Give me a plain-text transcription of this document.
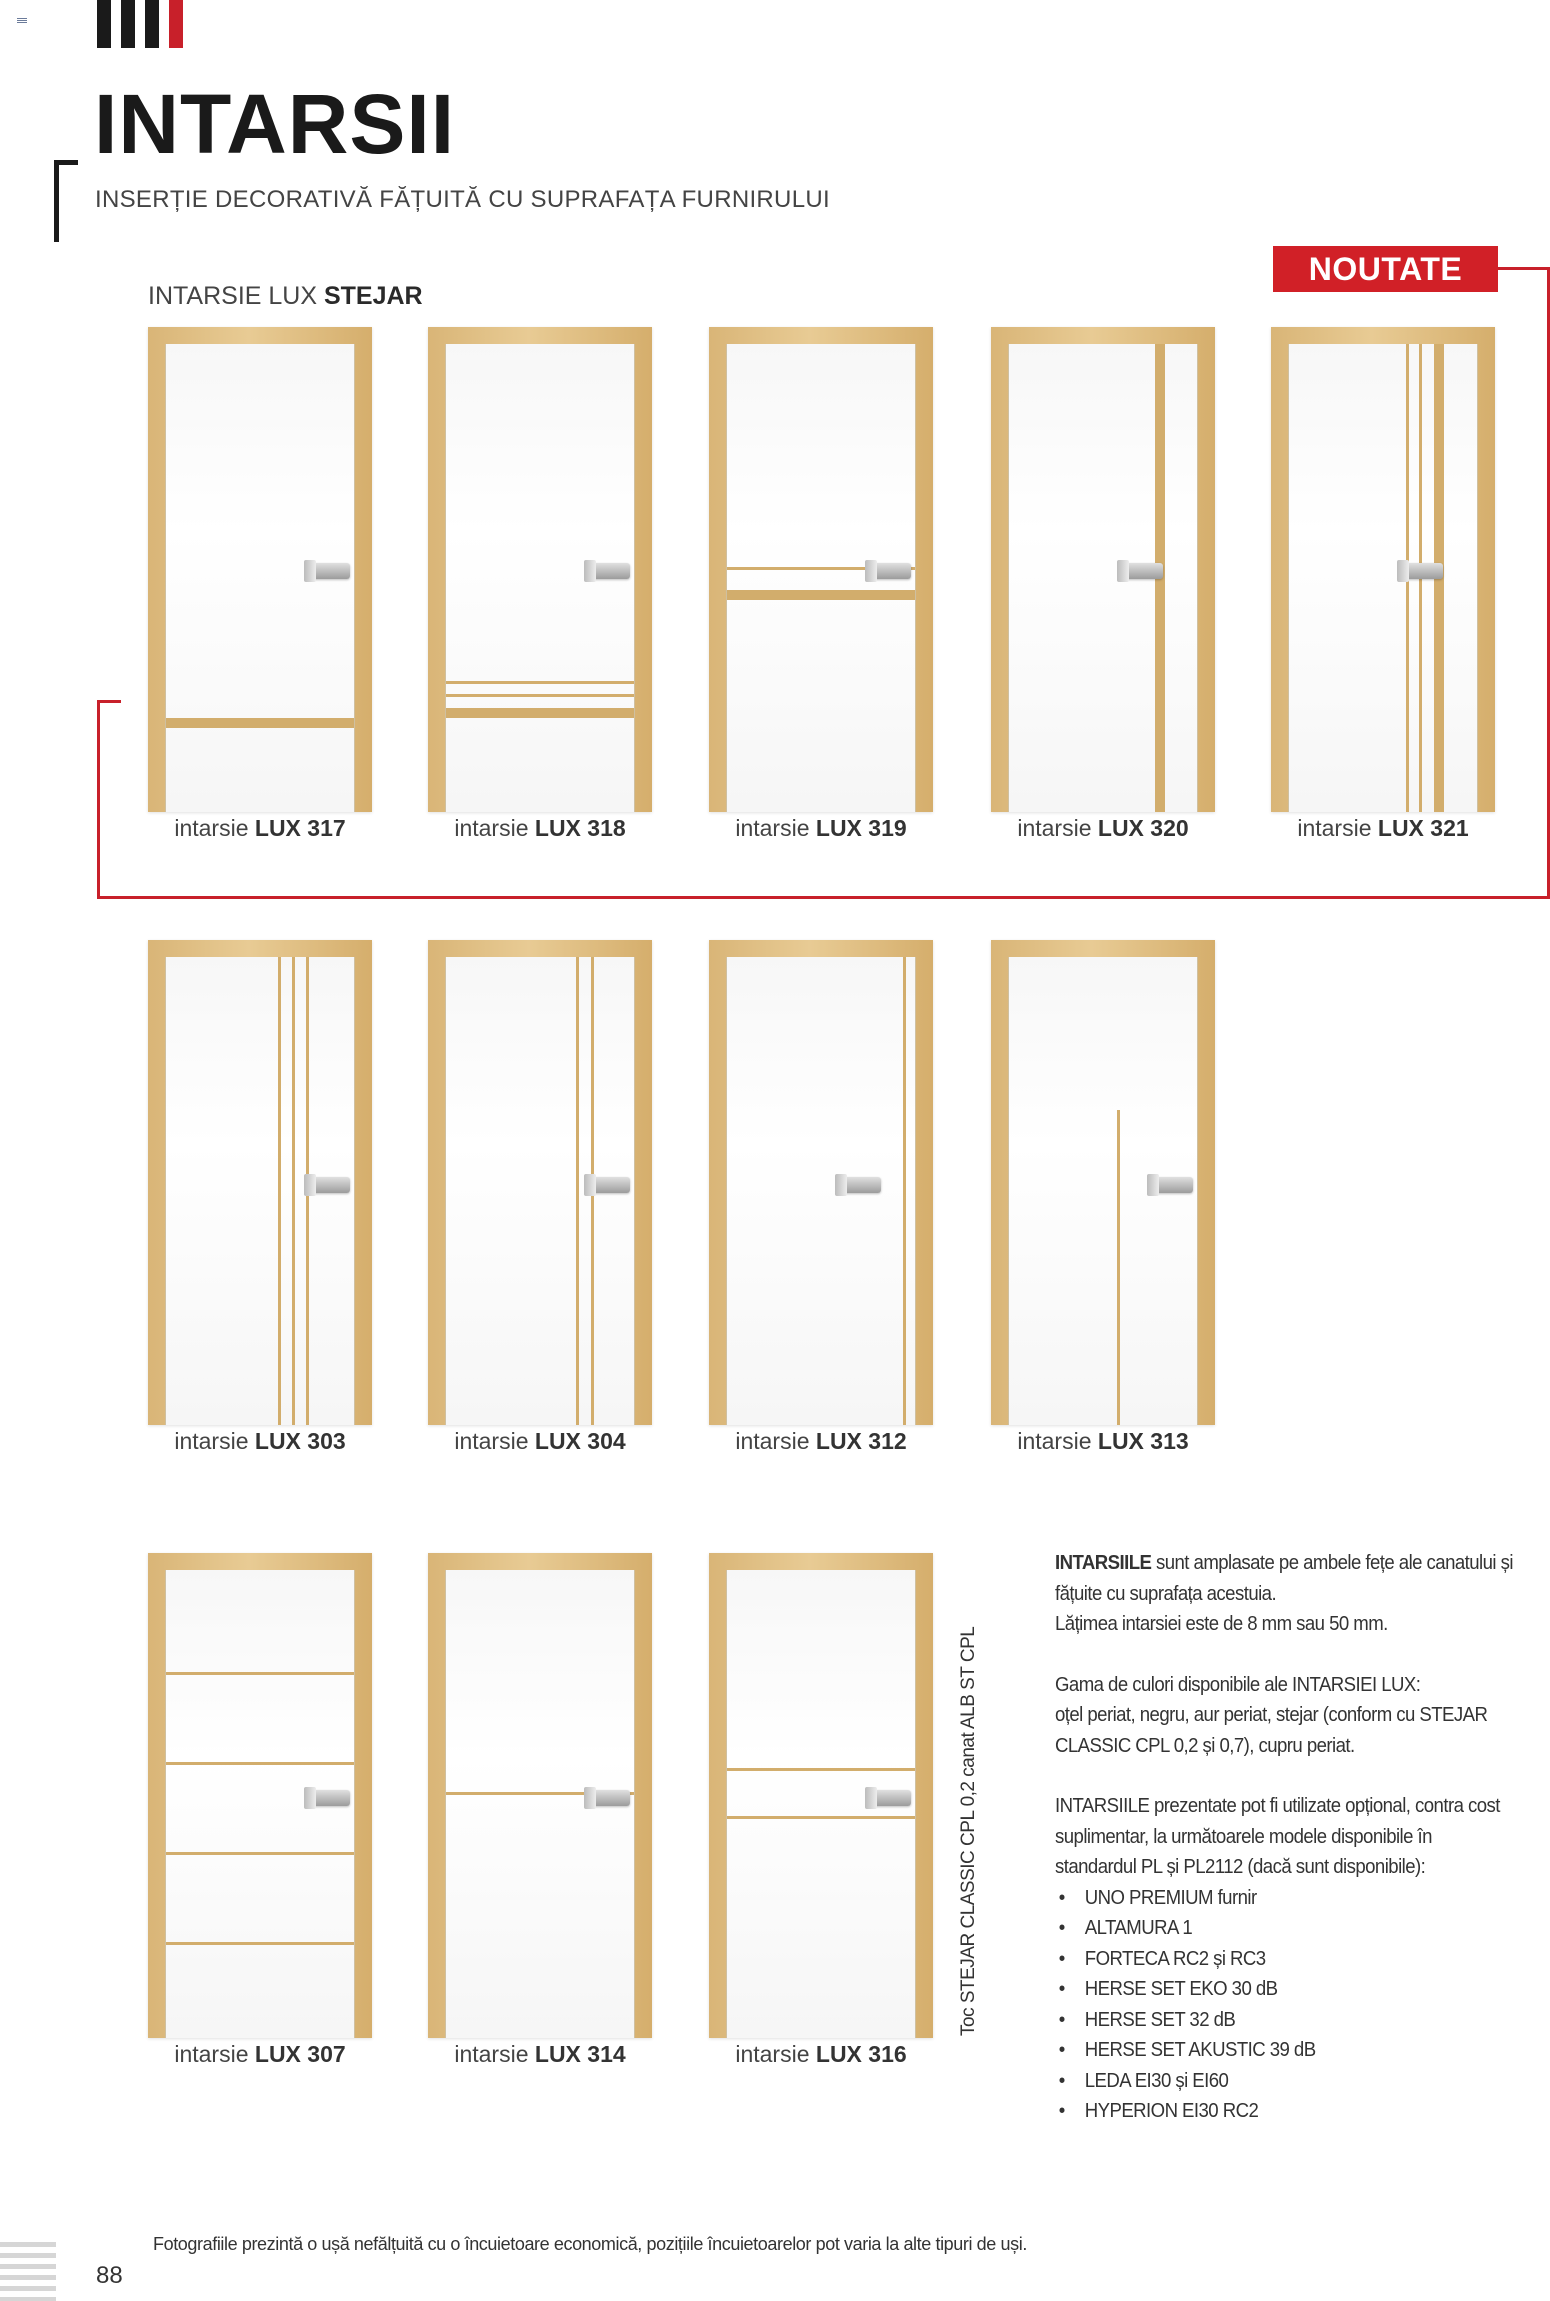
INTARSII
INSERȚIE DECORATIVĂ FĂȚUITĂ CU SUPRAFAȚA FURNIRULUI
INTARSIE LUX STEJAR
NOUTATE
intarsie LUX 317	intarsie LUX 318	intarsie LUX 319	intarsie LUX 320	intarsie LUX 321
intarsie LUX 303	intarsie LUX 304	intarsie LUX 312	intarsie LUX 313
intarsie LUX 307	intarsie LUX 314	intarsie LUX 316
Toc STEJAR CLASSIC CPL 0,2 canat ALB ST CPL

INTARSIILE sunt amplasate pe ambele fețe ale canatului și fățuite cu suprafața acestuia.

Lățimea intarsiei este de 8 mm sau 50 mm.

Gama de culori disponibile ale INTARSIEI LUX:

oțel periat, negru, aur periat, stejar (conform cu STEJAR CLASSIC CPL 0,2 și 0,7), cupru periat.

INTARSIILE prezentate pot fi utilizate opțional, contra cost suplimentar, la următoarele modele disponibile în standardul PL și PL2112 (dacă sunt disponibile):

• UNO PREMIUM furnir
• ALTAMURA 1
• FORTECA RC2 și RC3
• HERSE SET EKO 30 dB
• HERSE SET 32 dB
• HERSE SET AKUSTIC 39 dB
• LEDA EI30 și EI60
• HYPERION EI30 RC2
Fotografiile prezintă o ușă nefălțuită cu o încuietoare economică, pozițiile încuietoarelor pot varia la alte tipuri de uși.
88
